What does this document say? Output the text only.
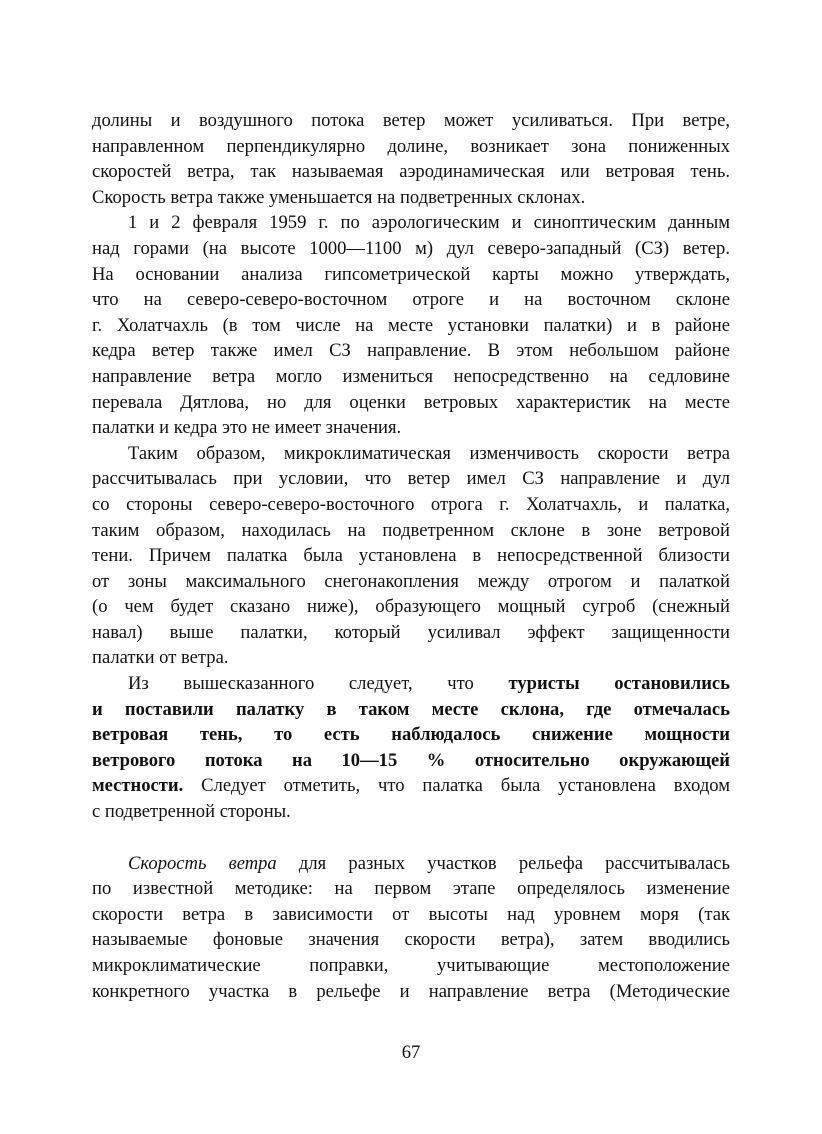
долины и воздушного потока ветер может усиливаться. При ветре,
направленном перпендикулярно долине, возникает зона пониженных
скоростей ветра, так называемая аэродинамическая или ветровая тень.
Скорость ветра также уменьшается на подветренных склонах.
1 и 2 февраля 1959 г. по аэрологическим и синоптическим данным
над горами (на высоте 1000—1100 м) дул северо-западный (СЗ) ветер.
На основании анализа гипсометрической карты можно утверждать,
что на северо-северо-восточном отроге и на восточном склоне
г. Холатчахль (в том числе на месте установки палатки) и в районе
кедра ветер также имел СЗ направление. В этом небольшом районе
направление ветра могло измениться непосредственно на седловине
перевала Дятлова, но для оценки ветровых характеристик на месте
палатки и кедра это не имеет значения.
Таким образом, микроклиматическая изменчивость скорости ветра
рассчитывалась при условии, что ветер имел СЗ направление и дул
со стороны северо-северо-восточного отрога г. Холатчахль, и палатка,
таким образом, находилась на подветренном склоне в зоне ветровой
тени. Причем палатка была установлена в непосредственной близости
от зоны максимального снегонакопления между отрогом и палаткой
(о чем будет сказано ниже), образующего мощный сугроб (снежный
навал) выше палатки, который усиливал эффект защищенности
палатки от ветра.
Из вышесказанного следует, что туристы остановились
и поставили палатку в таком месте склона, где отмечалась
ветровая тень, то есть наблюдалось снижение мощности
ветрового потока на 10—15 % относительно окружающей
местности. Следует отметить, что палатка была установлена входом
с подветренной стороны.
Скорость ветра для разных участков рельефа рассчитывалась
по известной методике: на первом этапе определялось изменение
скорости ветра в зависимости от высоты над уровнем моря (так
называемые фоновые значения скорости ветра), затем вводились
микроклиматические поправки, учитывающие местоположение
конкретного участка в рельефе и направление ветра (Методические
67
